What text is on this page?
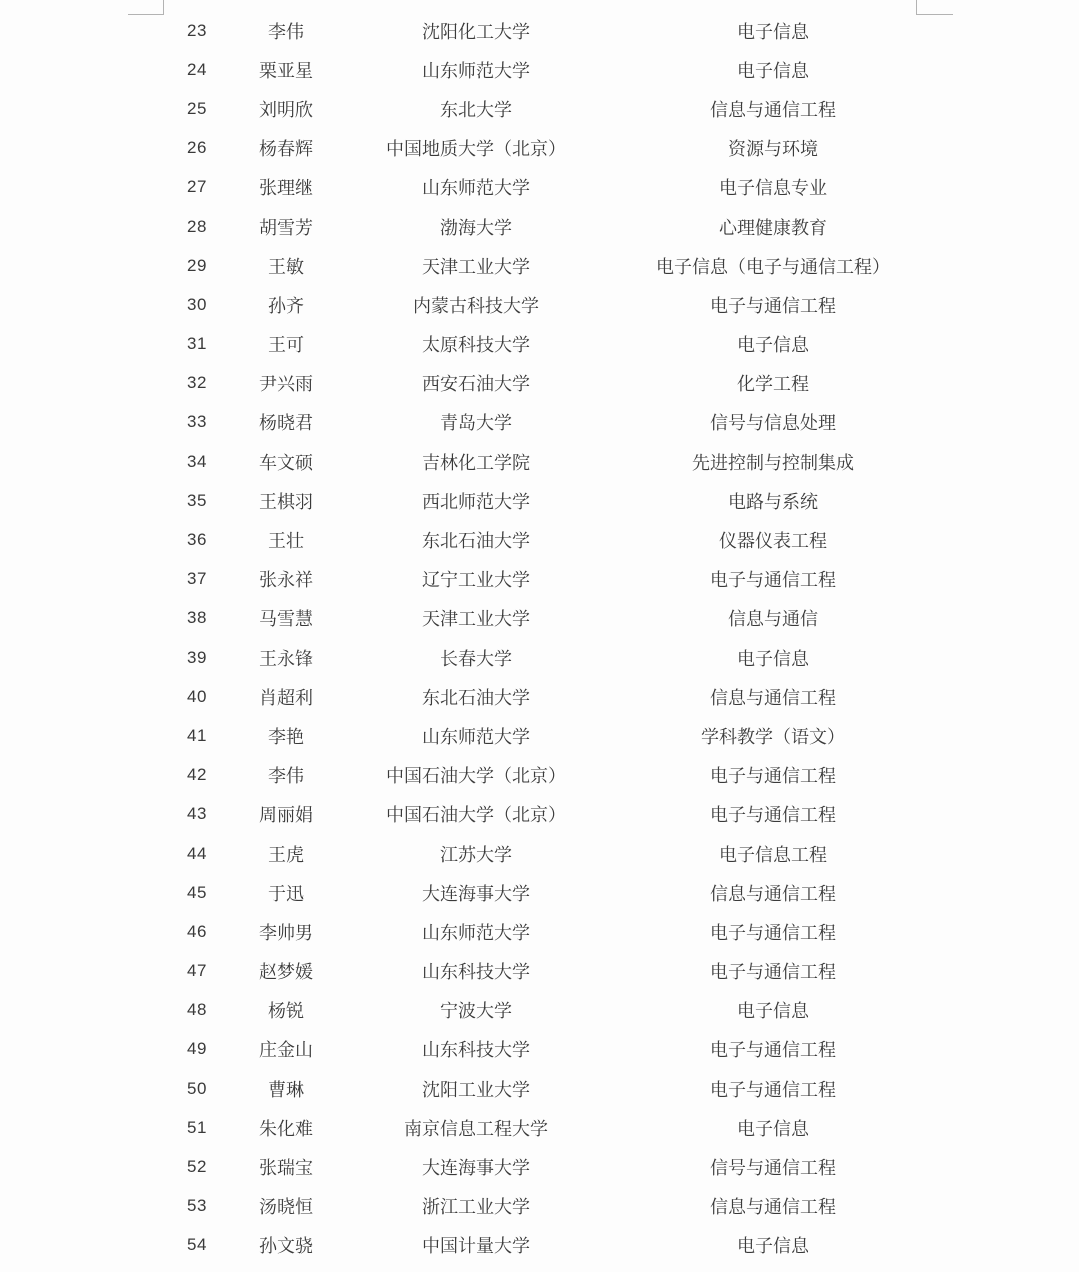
23	李伟	沈阳化工大学	电子信息
24	栗亚星	山东师范大学	电子信息
25	刘明欣	东北大学	信息与通信工程
26	杨春辉	中国地质大学（北京）	资源与环境
27	张理继	山东师范大学	电子信息专业
28	胡雪芳	渤海大学	心理健康教育
29	王敏	天津工业大学	电子信息（电子与通信工程）
30	孙齐	内蒙古科技大学	电子与通信工程
31	王可	太原科技大学	电子信息
32	尹兴雨	西安石油大学	化学工程
33	杨晓君	青岛大学	信号与信息处理
34	车文硕	吉林化工学院	先进控制与控制集成
35	王棋羽	西北师范大学	电路与系统
36	王壮	东北石油大学	仪器仪表工程
37	张永祥	辽宁工业大学	电子与通信工程
38	马雪慧	天津工业大学	信息与通信
39	王永锋	长春大学	电子信息
40	肖超利	东北石油大学	信息与通信工程
41	李艳	山东师范大学	学科教学（语文）
42	李伟	中国石油大学（北京）	电子与通信工程
43	周丽娟	中国石油大学（北京）	电子与通信工程
44	王虎	江苏大学	电子信息工程
45	于迅	大连海事大学	信息与通信工程
46	李帅男	山东师范大学	电子与通信工程
47	赵梦媛	山东科技大学	电子与通信工程
48	杨锐	宁波大学	电子信息
49	庄金山	山东科技大学	电子与通信工程
50	曹琳	沈阳工业大学	电子与通信工程
51	朱化难	南京信息工程大学	电子信息
52	张瑞宝	大连海事大学	信号与通信工程
53	汤晓恒	浙江工业大学	信息与通信工程
54	孙文骁	中国计量大学	电子信息
